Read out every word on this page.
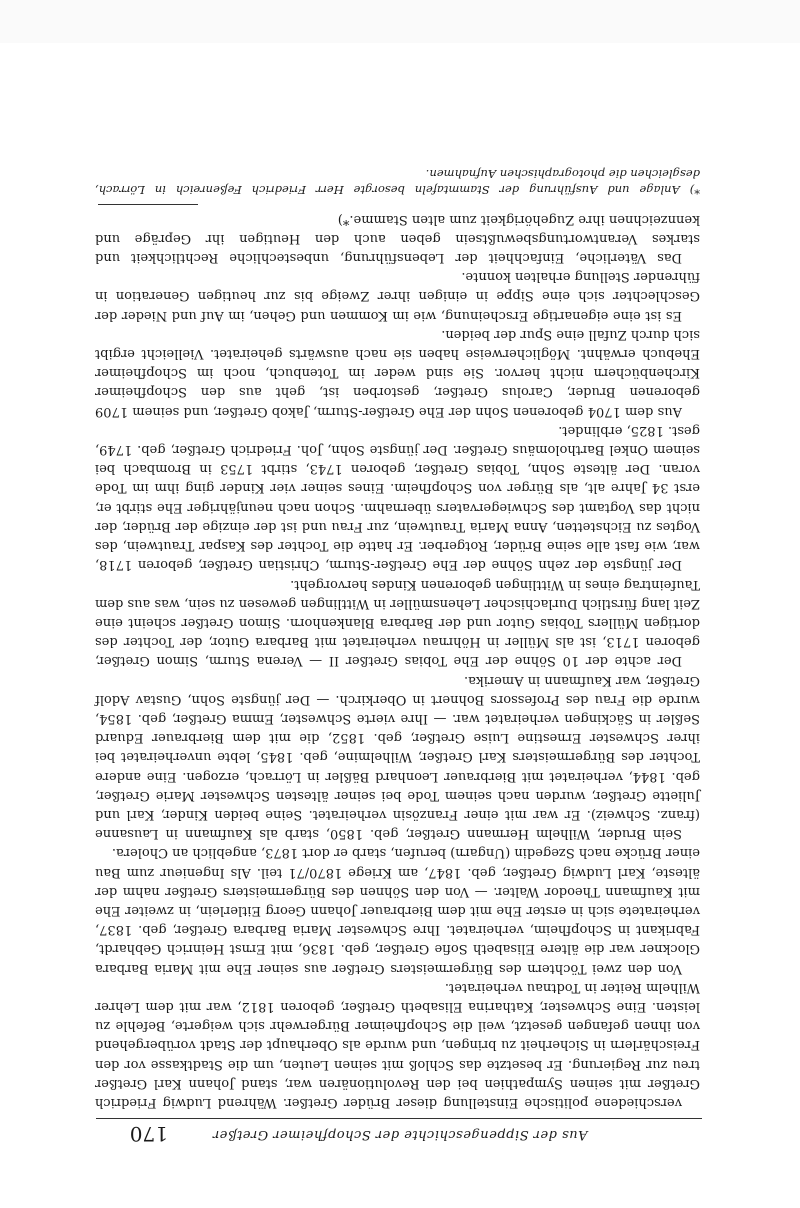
170	Aus der Sippengeschichte der Schopfheimer Gretßer

verschiedene politische Einstellung dieser Brüder Gretßer. Während Ludwig Friedrich Gretßer mit seinen Sympathien bei den Revolutionären war, stand Johann Karl Gretßer treu zur Regierung. Er besetzte das Schloß mit seinen Leuten, um die Stadtkasse vor den Freischärlern in Sicherheit zu bringen, und wurde als Oberhaupt der Stadt vorübergehend von ihnen gefangen gesetzt, weil die Schopfheimer Bürgerwehr sich weigerte, Befehle zu leisten. Eine Schwester, Katharina Elisabeth Gretßer, geboren 1812, war mit dem Lehrer Wilhelm Reiter in Todtnau verheiratet.

Von den zwei Töchtern des Bürgermeisters Gretßer aus seiner Ehe mit Maria Barbara Glockner war die ältere Elisabeth Sofie Gretßer, geb. 1836, mit Ernst Heinrich Gebhardt, Fabrikant in Schopfheim, verheiratet. Ihre Schwester Maria Barbara Gretßer, geb. 1837, verheiratete sich in erster Ehe mit dem Bierbrauer Johann Georg Eitlerlein, in zweiter Ehe mit Kaufmann Theodor Walter. — Von den Söhnen des Bürgermeisters Gretßer nahm der älteste, Karl Ludwig Gretßer, geb. 1847, am Kriege 1870/71 teil. Als Ingenieur zum Bau einer Brücke nach Szegedin (Ungarn) berufen, starb er dort 1873, angeblich an Cholera.

Sein Bruder, Wilhelm Hermann Gretßer, geb. 1850, starb als Kaufmann in Lausanne (franz. Schweiz). Er war mit einer Französin verheiratet. Seine beiden Kinder, Karl und Juliette Gretßer, wurden nach seinem Tode bei seiner ältesten Schwester Marie Gretßer, geb. 1844, verheiratet mit Bierbrauer Leonhard Bäßler in Lörrach, erzogen. Eine andere Tochter des Bürgermeisters Karl Gretßer, Wilhelmine, geb. 1845, lebte unverheiratet bei ihrer Schwester Ernestine Luise Gretßer, geb. 1852, die mit dem Bierbrauer Eduard Seßler in Säckingen verheiratet war. — Ihre vierte Schwester, Emma Gretßer, geb. 1854, wurde die Frau des Professors Bohnert in Oberkirch. — Der jüngste Sohn, Gustav Adolf Gretßer, war Kaufmann in Amerika.

Der achte der 10 Söhne der Ehe Tobias Gretßer II — Verena Sturm, Simon Gretßer, geboren 1713, ist als Müller in Höhrnau verheiratet mit Barbara Gutor, der Tochter des dortigen Müllers Tobias Gutor und der Barbara Blankenhorn. Simon Gretßer scheint eine Zeit lang fürstlich Durlachischer Lehensmüller in Wittlingen gewesen zu sein, was aus dem Taufeintrag eines in Wittlingen geborenen Kindes hervorgeht.

Der jüngste der zehn Söhne der Ehe Gretßer-Sturm, Christian Gretßer, geboren 1718, war, wie fast alle seine Brüder, Rotgerber. Er hatte die Tochter des Kaspar Trautwein, des Vogtes zu Eichstetten, Anna Maria Trautwein, zur Frau und ist der einzige der Brüder, der nicht das Vogtamt des Schwiegervaters übernahm. Schon nach neunjähriger Ehe stirbt er, erst 34 Jahre alt, als Bürger von Schopfheim. Eines seiner vier Kinder ging ihm im Tode voran. Der älteste Sohn, Tobias Gretßer, geboren 1743, stirbt 1753 in Brombach bei seinem Onkel Bartholomäus Gretßer. Der jüngste Sohn, Joh. Friedrich Gretßer, geb. 1749, gest. 1825, erblindet.

Aus dem 1704 geborenen Sohn der Ehe Gretßer-Sturm, Jakob Gretßer, und seinem 1709 geborenen Bruder, Carolus Gretßer, gestorben ist, geht aus den Schopfheimer Kirchenbüchern nicht hervor. Sie sind weder im Totenbuch, noch im Schopfheimer Ehebuch erwähnt. Möglicherweise haben sie nach auswärts geheiratet. Vielleicht ergibt sich durch Zufall eine Spur der beiden.

Es ist eine eigenartige Erscheinung, wie im Kommen und Gehen, im Auf und Nieder der Geschlechter sich eine Sippe in einigen ihrer Zweige bis zur heutigen Generation in führender Stellung erhalten konnte.

Das Väterliche, Einfachheit der Lebensführung, unbestechliche Rechtlichkeit und starkes Verantwortungsbewußtsein geben auch den Heutigen ihr Gepräge und kennzeichnen ihre Zugehörigkeit zum alten Stamme.*)

*) Anlage und Ausführung der Stammtafeln besorgte Herr Friedrich Feßenreich in Lörrach, desgleichen die photographischen Aufnahmen.
